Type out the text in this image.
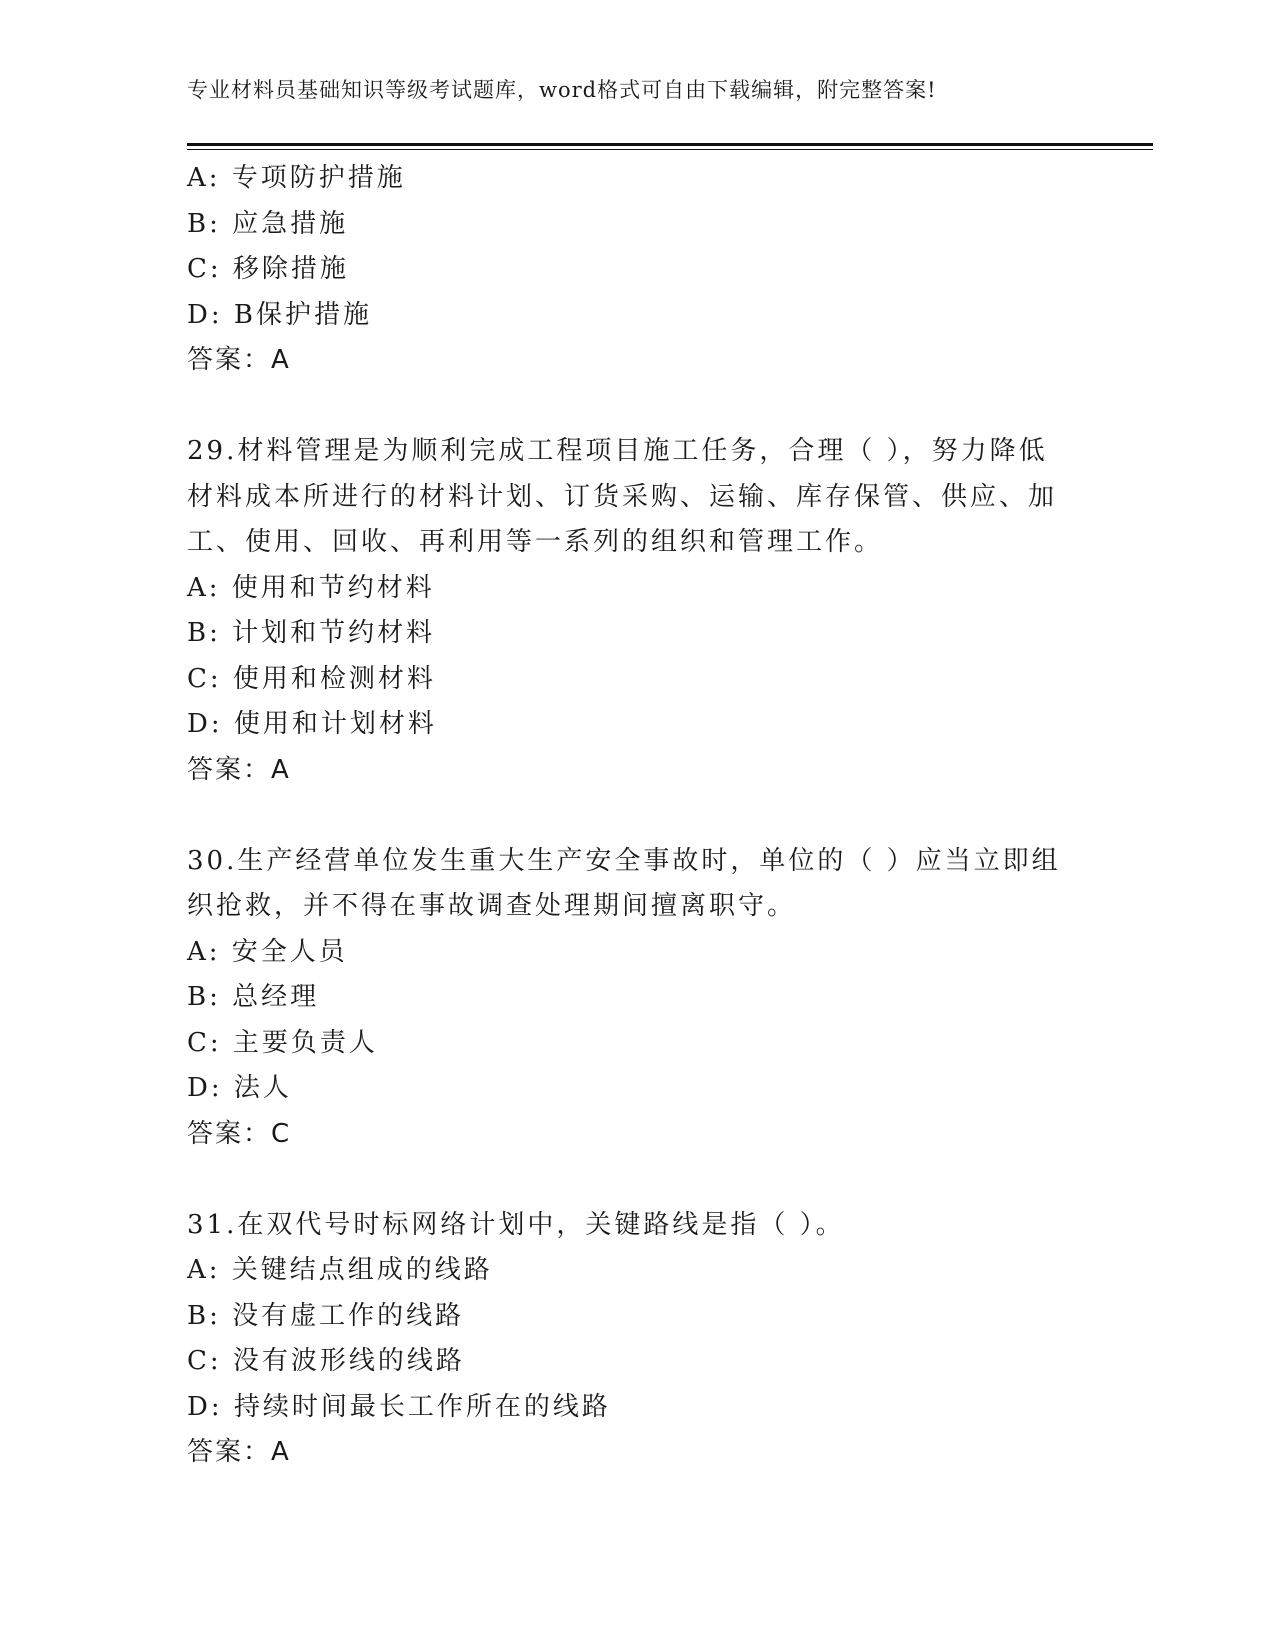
专业材料员基础知识等级考试题库，word格式可自由下载编辑，附完整答案!
A: 专项防护措施
B: 应急措施
C: 移除措施
D: B保护措施
答案：A
29.材料管理是为顺利完成工程项目施工任务，合理（ ），努力降低
材料成本所进行的材料计划、订货采购、运输、库存保管、供应、加
工、使用、回收、再利用等一系列的组织和管理工作。
A: 使用和节约材料
B: 计划和节约材料
C: 使用和检测材料
D: 使用和计划材料
答案：A
30.生产经营单位发生重大生产安全事故时，单位的（ ）应当立即组
织抢救，并不得在事故调查处理期间擅离职守。
A: 安全人员
B: 总经理
C: 主要负责人
D: 法人
答案：C
31.在双代号时标网络计划中，关键路线是指（ ）。
A: 关键结点组成的线路
B: 没有虚工作的线路
C: 没有波形线的线路
D: 持续时间最长工作所在的线路
答案：A
